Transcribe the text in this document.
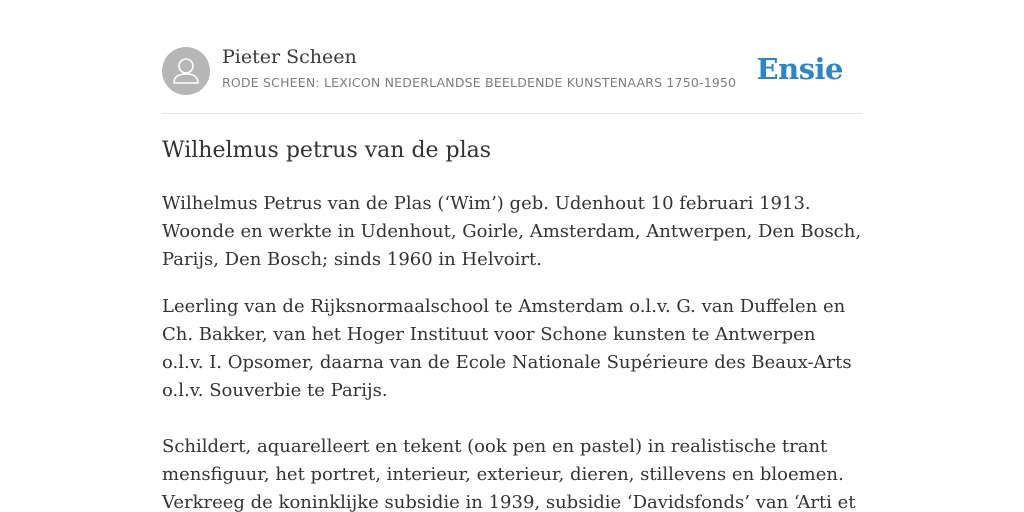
Pieter Scheen
RODE SCHEEN: LEXICON NEDERLANDSE BEELDENDE KUNSTENAARS 1750-1950 Ensie
Wilhelmus petrus van de plas

Wilhelmus Petrus van de Plas (‘Wim’) geb. Udenhout 10 februari 1913. Woonde en werkte in Udenhout, Goirle, Amsterdam, Antwerpen, Den Bosch, Parijs, Den Bosch; sinds 1960 in Helvoirt.

Leerling van de Rijksnormaalschool te Amsterdam o.l.v. G. van Duffelen en Ch. Bakker, van het Hoger Instituut voor Schone kunsten te Antwerpen o.l.v. I. Opsomer, daarna van de Ecole Nationale Supérieure des Beaux-Arts o.l.v. Souverbie te Parijs.

Schildert, aquarelleert en tekent (ook pen en pastel) in realistische trant mensfiguur, het portret, interieur, exterieur, dieren, stillevens en bloemen. Verkreeg de koninklijke subsidie in 1939, subsidie ‘Davidsfonds’ van ‘Arti et
